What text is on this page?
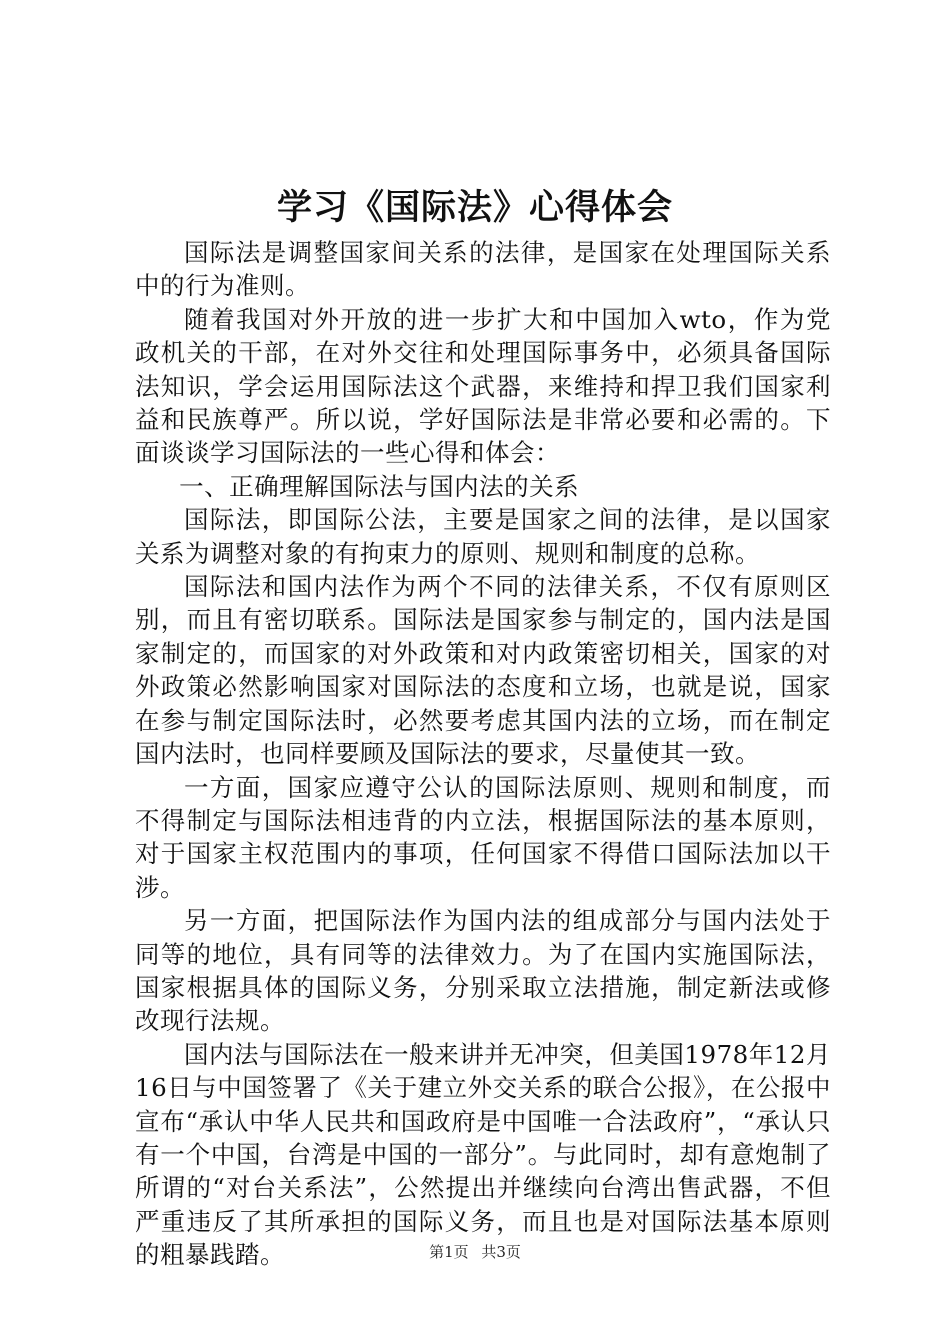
学习《国际法》心得体会

国际法是调整国家间关系的法律，是国家在处理国际关系中的行为准则。

随着我国对外开放的进一步扩大和中国加入wto，作为党政机关的干部，在对外交往和处理国际事务中，必须具备国际法知识，学会运用国际法这个武器，来维持和捍卫我们国家利益和民族尊严。所以说，学好国际法是非常必要和必需的。下面谈谈学习国际法的一些心得和体会：

一、正确理解国际法与国内法的关系

国际法，即国际公法，主要是国家之间的法律，是以国家关系为调整对象的有拘束力的原则、规则和制度的总称。

国际法和国内法作为两个不同的法律关系，不仅有原则区别，而且有密切联系。国际法是国家参与制定的，国内法是国家制定的，而国家的对外政策和对内政策密切相关，国家的对外政策必然影响国家对国际法的态度和立场，也就是说，国家在参与制定国际法时，必然要考虑其国内法的立场，而在制定国内法时，也同样要顾及国际法的要求，尽量使其一致。

一方面，国家应遵守公认的国际法原则、规则和制度，而不得制定与国际法相违背的内立法，根据国际法的基本原则，对于国家主权范围内的事项，任何国家不得借口国际法加以干涉。

另一方面，把国际法作为国内法的组成部分与国内法处于同等的地位，具有同等的法律效力。为了在国内实施国际法，国家根据具体的国际义务，分别采取立法措施，制定新法或修改现行法规。

国内法与国际法在一般来讲并无冲突，但美国1978年12月16日与中国签署了《关于建立外交关系的联合公报》，在公报中宣布“承认中华人民共和国政府是中国唯一合法政府”，“承认只有一个中国，台湾是中国的一部分”。与此同时，却有意炮制了所谓的“对台关系法”，公然提出并继续向台湾出售武器，不但严重违反了其所承担的国际义务，而且也是对国际法基本原则的粗暴践踏。	第1页 共3页
